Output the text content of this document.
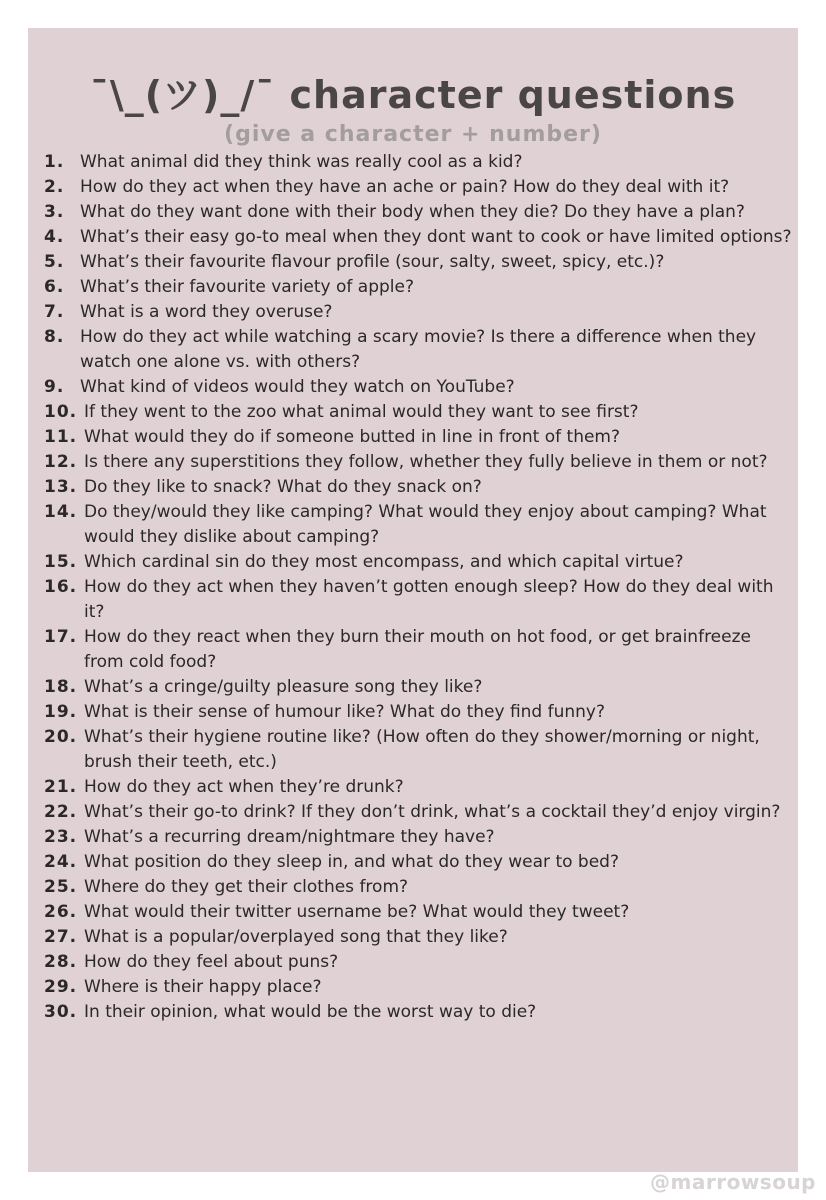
¯\_(ツ)_/¯ character questions
(give a character + number)
1. What animal did they think was really cool as a kid?
2. How do they act when they have an ache or pain? How do they deal with it?
3. What do they want done with their body when they die? Do they have a plan?
4. What’s their easy go-to meal when they dont want to cook or have limited options?
5. What’s their favourite flavour profile (sour, salty, sweet, spicy, etc.)?
6. What’s their favourite variety of apple?
7. What is a word they overuse?
8. How do they act while watching a scary movie? Is there a difference when they watch one alone vs. with others?
9. What kind of videos would they watch on YouTube?
10. If they went to the zoo what animal would they want to see first?
11. What would they do if someone butted in line in front of them?
12. Is there any superstitions they follow, whether they fully believe in them or not?
13. Do they like to snack? What do they snack on?
14. Do they/would they like camping? What would they enjoy about camping? What would they dislike about camping?
15. Which cardinal sin do they most encompass, and which capital virtue?
16. How do they act when they haven’t gotten enough sleep? How do they deal with it?
17. How do they react when they burn their mouth on hot food, or get brainfreeze from cold food?
18. What’s a cringe/guilty pleasure song they like?
19. What is their sense of humour like? What do they find funny?
20. What’s their hygiene routine like? (How often do they shower/morning or night, brush their teeth, etc.)
21. How do they act when they’re drunk?
22. What’s their go-to drink? If they don’t drink, what’s a cocktail they’d enjoy virgin?
23. What’s a recurring dream/nightmare they have?
24. What position do they sleep in, and what do they wear to bed?
25. Where do they get their clothes from?
26. What would their twitter username be? What would they tweet?
27. What is a popular/overplayed song that they like?
28. How do they feel about puns?
29. Where is their happy place?
30. In their opinion, what would be the worst way to die?
@marrowsoup
